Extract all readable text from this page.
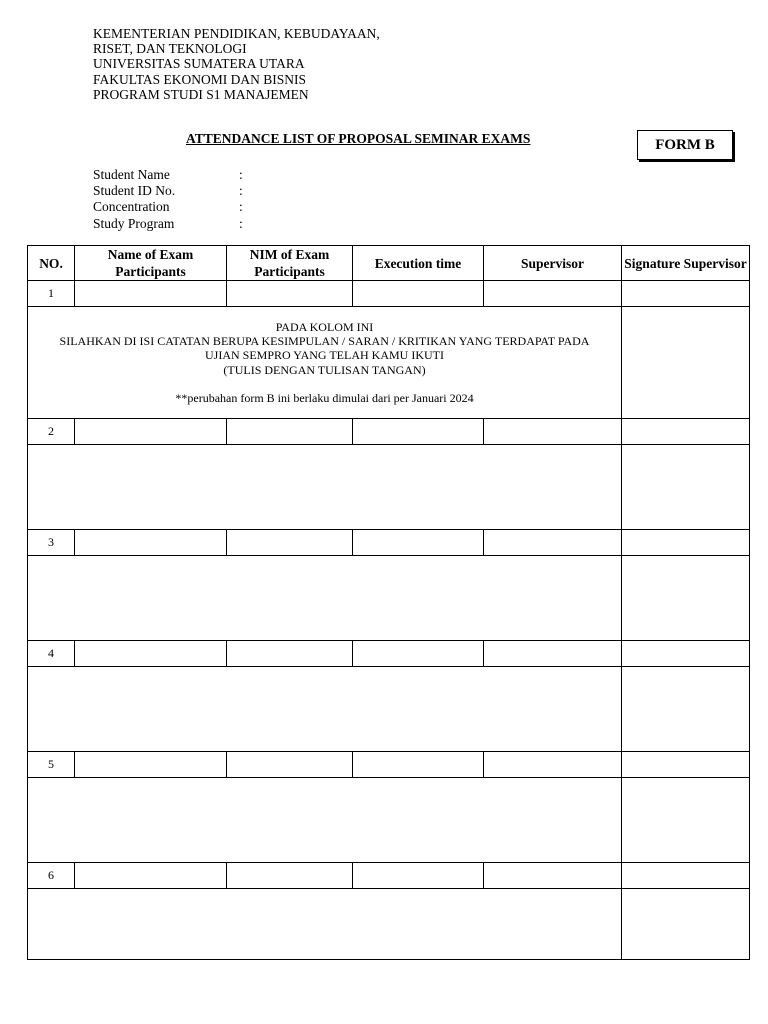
KEMENTERIAN PENDIDIKAN, KEBUDAYAAN,
RISET, DAN TEKNOLOGI
UNIVERSITAS SUMATERA UTARA
FAKULTAS EKONOMI DAN BISNIS
PROGRAM STUDI S1 MANAJEMEN
ATTENDANCE LIST OF PROPOSAL SEMINAR EXAMS	FORM B
Student Name	:
Student ID No.	:
Concentration	:
Study Program	:
NO.	Name of Exam Participants	NIM of Exam Participants	Execution time	Supervisor	Signature Supervisor
1					

PADA KOLOM INI
SILAHKAN DI ISI CATATAN BERUPA KESIMPULAN / SARAN / KRITIKAN YANG TERDAPAT PADA
UJIAN SEMPRO YANG TELAH KAMU IKUTI
(TULIS DENGAN TULISAN TANGAN)
**perubahan form B ini berlaku dimulai dari per Januari 2024					

2					

3					

4					

5					

6					
